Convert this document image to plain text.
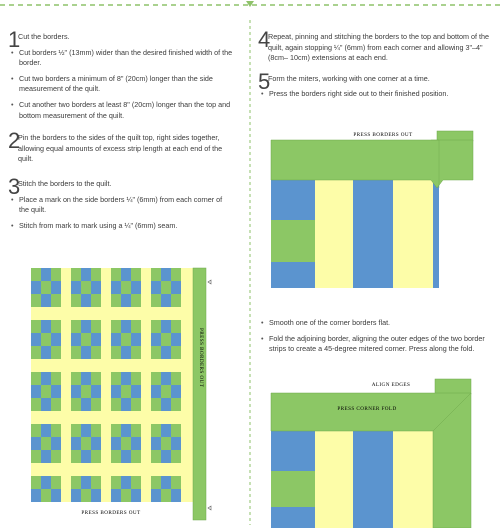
1
Cut the borders.
• Cut borders ½" (13mm) wider than the desired finished width of the border.
• Cut two borders a minimum of 8" (20cm) longer than the side measurement of the quilt.
• Cut another two borders at least 8" (20cm) longer than the top and bottom measurement of the quilt.
2
Pin the borders to the sides of the quilt top, right sides together, allowing equal amounts of excess strip length at each end of the quilt.
3
Stitch the borders to the quilt.
• Place a mark on the side borders ¼" (6mm) from each corner of the quilt.
• Stitch from mark to mark using a ¼" (6mm) seam.
PRESS BORDERS OUT
PRESS BORDERS OUT
4
Repeat, pinning and stitching the borders to the top and bottom of the quilt, again stopping ¼" (6mm) from each corner and allowing 3"–4" (8cm– 10cm) extensions at each end.
5
Form the miters, working with one corner at a time.
• Press the borders right side out to their finished position.
PRESS BORDERS OUT
• Smooth one of the corner borders flat.
• Fold the adjoining border, aligning the outer edges of the two border strips to create a 45-degree mitered corner. Press along the fold.
ALIGN EDGES
PRESS CORNER FOLD
